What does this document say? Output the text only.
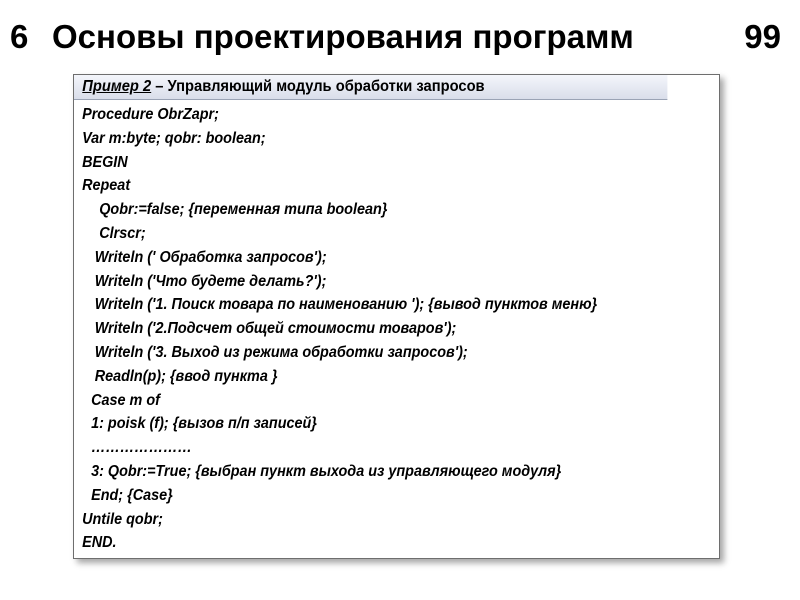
6 Основы проектирования программ	99
Пример 2 – Управляющий модуль обработки запросов
Procedure ObrZapr;
Var m:byte; qobr: boolean;
BEGIN
Repeat
Qobr:=false; {переменная типа boolean}
Clrscr;
Writeln (' Обработка запросов');
Writeln ('Что будете делать?');
Writeln ('1. Поиск товара по наименованию '); {вывод пунктов меню}
Writeln ('2.Подсчет общей стоимости товаров');
Writeln ('3. Выход из режима обработки запросов');
Readln(p); {ввод пункта }
Case m of
1: poisk (f); {вызов п/п записей}
…………………
3: Qobr:=True; {выбран пункт выхода из управляющего модуля}
End; {Case}
Untile qobr;
END.
